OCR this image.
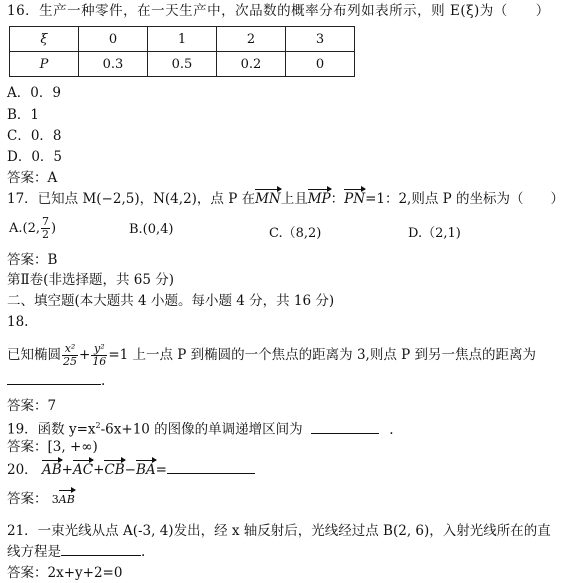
16．生产一种零件，在一天生产中，次品数的概率分布列如表所示，则 E(ξ)为（　　）
ξ	0	1	2	3
P	0.3	0.5	0.2	0
A．0．9
B．1
C．0．8
D．0．5
答案：A
17．已知点 M(−2,5)，N(4,2)，点 P 在MN上且MP：PN=1：2,则点 P 的坐标为（　　）
A.(2, $\frac{7}{2}$ )	B.(0,4)	C.（8,2)	D.（2,1)
答案：B
第Ⅱ卷(非选择题，共 65 分)
二、填空题(本大题共 4 小题。每小题 4 分，共 16 分)
18.
已知椭圆 $\frac{\text{x²}}{25} + \frac{\text{y²}}{16} =1$ 上一点 P 到椭圆的一个焦点的距离为 3,则点 P 到另一焦点的距离为
.
答案：7
19．函数 $y=x^2-6x+10$ 的图像的单调递增区间为	.
答案：[3, +∞)
20． AB+AC+CB−BA=
答案： 3AB
21．一束光线从点 A(-3, 4)发出，经 x 轴反射后，光线经过点 B(2, 6)，入射光线所在的直
线方程是	.
答案：2x+y+2=0
